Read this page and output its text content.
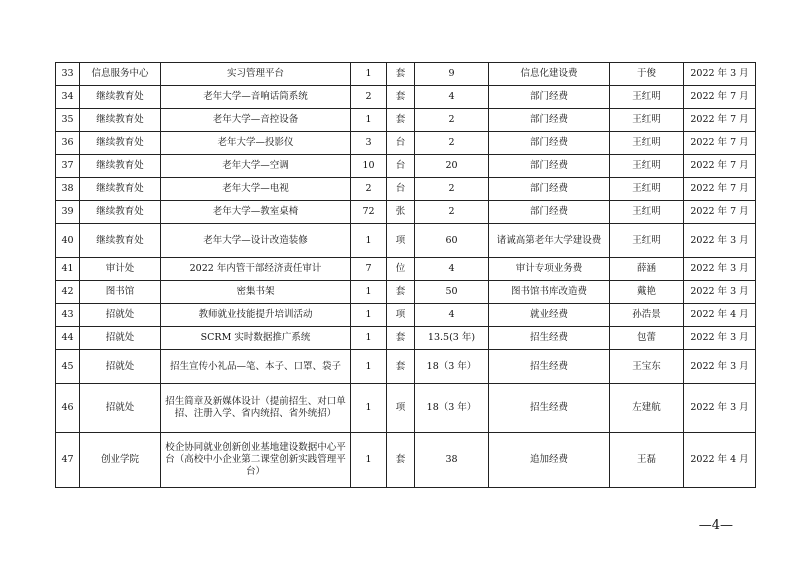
33	信息服务中心	实习管理平台	1	套	9	信息化建设费	于俊	2022 年 3 月
34	继续教育处	老年大学—音响话筒系统	2	套	4	部门经费	王红明	2022 年 7 月
35	继续教育处	老年大学—音控设备	1	套	2	部门经费	王红明	2022 年 7 月
36	继续教育处	老年大学—投影仪	3	台	2	部门经费	王红明	2022 年 7 月
37	继续教育处	老年大学—空调	10	台	20	部门经费	王红明	2022 年 7 月
38	继续教育处	老年大学—电视	2	台	2	部门经费	王红明	2022 年 7 月
39	继续教育处	老年大学—教室桌椅	72	张	2	部门经费	王红明	2022 年 7 月
40	继续教育处	老年大学—设计改造装修	1	项	60	诸诚高第老年大学建设费	王红明	2022 年 3 月
41	审计处	2022 年内管干部经济责任审计	7	位	4	审计专项业务费	薛涵	2022 年 3 月
42	图书馆	密集书架	1	套	50	图书馆书库改造费	戴艳	2022 年 3 月
43	招就处	教师就业技能提升培训活动	1	项	4	就业经费	孙浩景	2022 年 4 月
44	招就处	SCRM 实时数据推广系统	1	套	13.5(3 年)	招生经费	包蕾	2022 年 3 月
45	招就处	招生宣传小礼品—笔、本子、口罩、袋子	1	套	18（3 年）	招生经费	王宝东	2022 年 3 月
46	招就处	招生简章及新媒体设计（提前招生、对口单招、注册入学、省内统招、省外统招）	1	项	18（3 年）	招生经费	左建航	2022 年 3 月
47	创业学院	校企协同就业创新创业基地建设数据中心平台（高校中小企业第二课堂创新实践管理平台）	1	套	38	追加经费	王磊	2022 年 4 月
—4—
